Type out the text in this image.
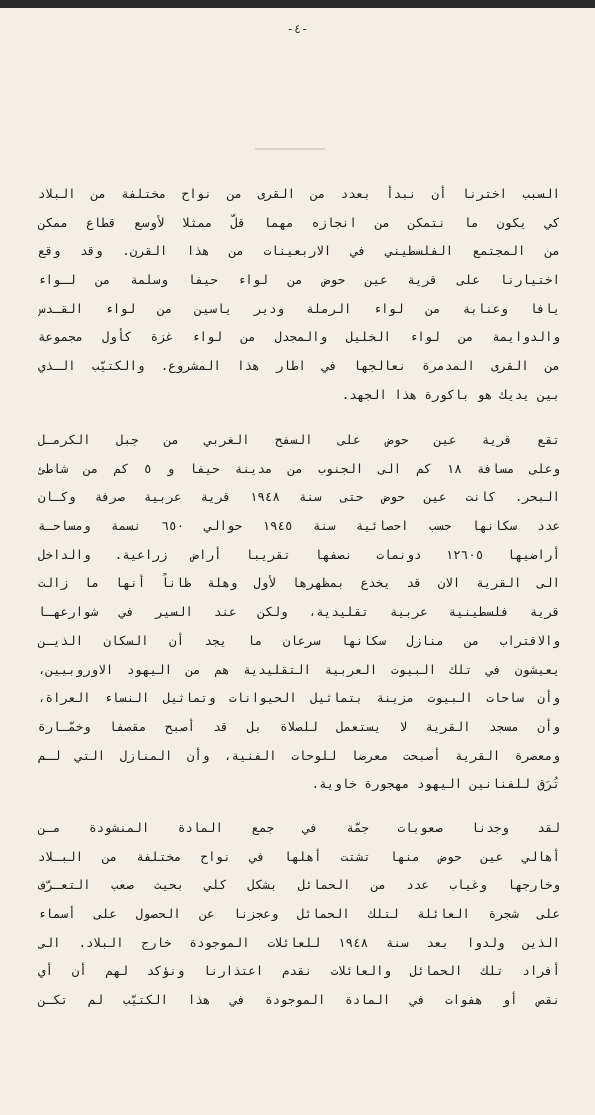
-٤-
السبب اخترنا أن نبدأ بعدد من القرى من نواح مختلفة من البلاد
كي يكون ما نتمكن من انجازه مهما قلّ ممثلا لأوسع قطاع ممكن
من المجتمع الفلسطيني في الاربعينات من هذا القرن. وقد وقع
اختيارنا على قرية عين حوض من لواء حيفا وسلمة من لـواء
يافا وعنابة من لواء الرملة ودير ياسين من لواء القـدس
والدوايمة من لواء الخليل والمجدل من لواء غزة كأول مجموعة
من القرى المدمرة نعالجها في اطار هذا المشروع. والكتيّب الـذي
بين يديك هو باكورة هذا الجهد.
تقع قرية عين حوض على السفح الغربي من جبل الكرمـل
وعلى مسافة ١٨ كم الى الجنوب من مدينة حيفا و ٥ كم من شاطئ
البحر. كانت عين حوض حتى سنة ١٩٤٨ قرية عربية صرفة وكـان
عدد سكانها حسب احصائية سنة ١٩٤٥ حوالي ٦٥٠ نسمة ومساحـة
أراضيها ١٢٦٠٥ دونمات نصفها تقريبا أراض زراعية. والداخل
الى القرية الان قد يخدع بمظهرها لأول وهلة ظاناً أنها ما زالت
قرية فلسطينية عربية تقليدية، ولكن عند السير في شوارعهـا
والاقتراب من منازل سكانها سرعان ما يجد أن السكان الذيـن
يعيشون في تلك البيوت العربية التقليدية هم من اليهود الاوروبيين،
وأن ساحات البيوت مزينة بتماثيل الحيوانات وتماثيل النساء العراة،
وأن مسجد القرية لا يستعمل للصلاة بل قد أصبح مقصفا وخمّـارة
ومعصرة القرية أصبحت معرضا للوحات الفنية، وأن المنازل التي لـم
تُرَق للفنانين اليهود مهجورة خاوية.
لقد وجدنا صعوبات جمّة في جمع المادة المنشودة مـن
أهالي عين حوض منها تشتت أهلها في نواح مختلفة من البـلاد
وخارجها وغياب عدد من الحمائل بشكل كلي بحيث صعب التعـرّف
على شجرة العائلة لتلك الحمائل وعجزنا عن الحصول على أسماء
الذين ولدوا بعد سنة ١٩٤٨ للعائلات الموجودة خارج البلاد. الى
أفراد تلك الحمائل والعائلات نقدم اعتذارنا ونؤكد لهم أن أي
نقص أو هفوات في المادة الموجودة في هذا الكتيّب لم تكـن
